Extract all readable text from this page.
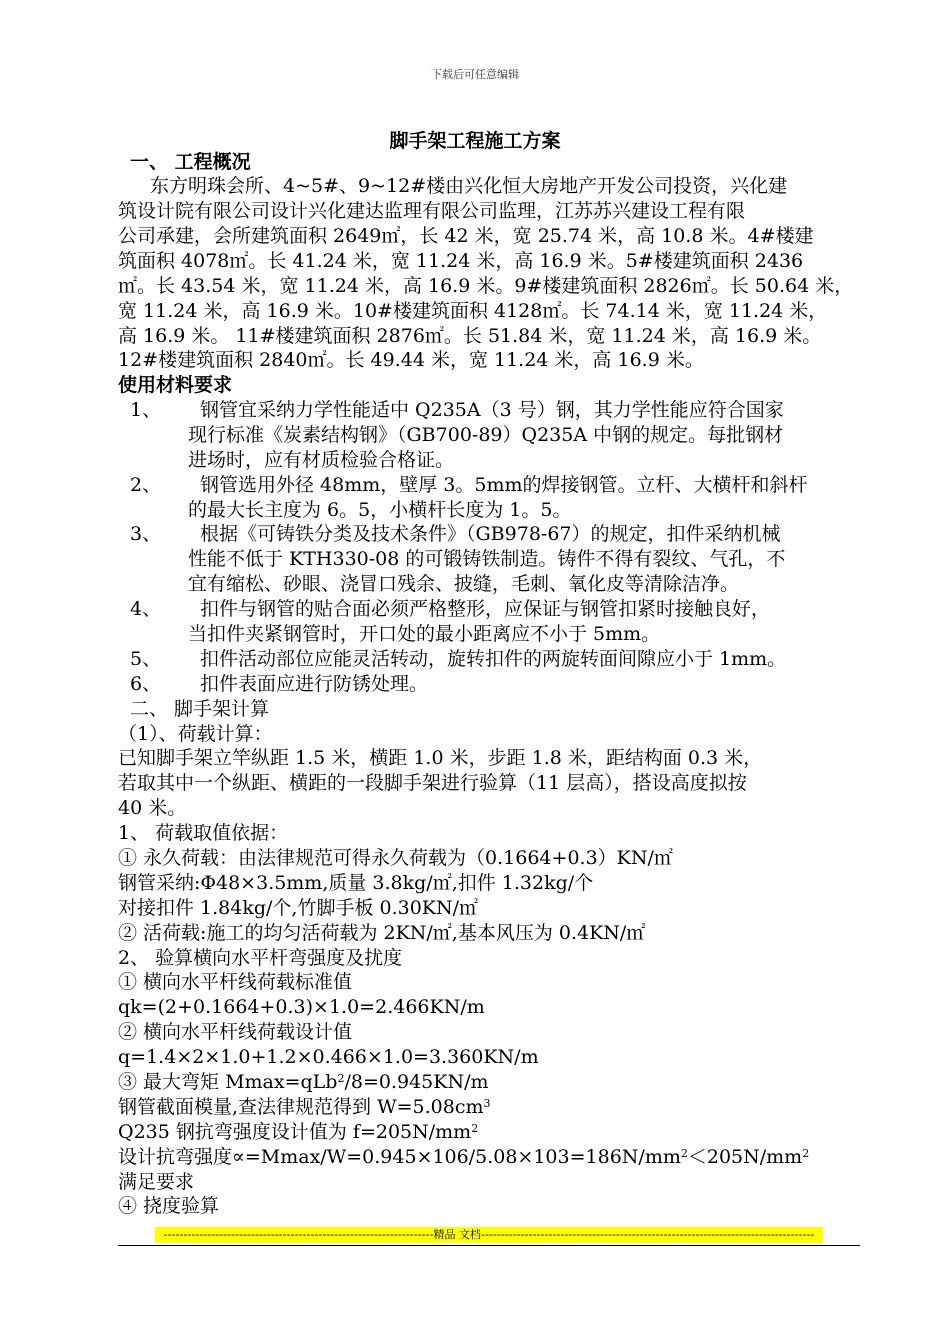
下载后可任意编辑
脚手架工程施工方案
一、 工程概况
东方明珠会所、4~5#、9~12#楼由兴化恒大房地产开发公司投资，兴化建
筑设计院有限公司设计兴化建达监理有限公司监理，江苏苏兴建设工程有限
公司承建，会所建筑面积 2649㎡，长 42 米，宽 25.74 米，高 10.8 米。4#楼建
筑面积 4078㎡。长 41.24 米，宽 11.24 米，高 16.9 米。5#楼建筑面积 2436
㎡。长 43.54 米，宽 11.24 米，高 16.9 米。9#楼建筑面积 2826㎡。长 50.64 米，
宽 11.24 米，高 16.9 米。10#楼建筑面积 4128㎡。长 74.14 米，宽 11.24 米，
高 16.9 米。 11#楼建筑面积 2876㎡。长 51.84 米，宽 11.24 米，高 16.9 米。
12#楼建筑面积 2840㎡。长 49.44 米，宽 11.24 米，高 16.9 米。
使用材料要求
1、 钢管宜采纳力学性能适中 Q235A（3 号）钢，其力学性能应符合国家
现行标准《炭素结构钢》（GB700-89）Q235A 中钢的规定。每批钢材
进场时，应有材质检验合格证。
2、 钢管选用外径 48mm，壁厚 3。5mm的焊接钢管。立杆、大横杆和斜杆
的最大长主度为 6。5，小横杆长度为 1。5。
3、 根据《可铸铁分类及技术条件》（GB978-67）的规定，扣件采纳机械
性能不低于 KTH330-08 的可锻铸铁制造。铸件不得有裂纹、气孔，不
宜有缩松、砂眼、浇冒口残余、披缝，毛刺、氧化皮等清除洁净。
4、 扣件与钢管的贴合面必须严格整形，应保证与钢管扣紧时接触良好，
当扣件夹紧钢管时，开口处的最小距离应不小于 5mm。
5、 扣件活动部位应能灵活转动，旋转扣件的两旋转面间隙应小于 1mm。
6、 扣件表面应进行防锈处理。
二、 脚手架计算
（1）、荷载计算：
已知脚手架立竿纵距 1.5 米，横距 1.0 米，步距 1.8 米，距结构面 0.3 米，
若取其中一个纵距、横距的一段脚手架进行验算（11 层高），搭设高度拟按
40 米。
1、 荷载取值依据：
① 永久荷载：由法律规范可得永久荷载为（0.1664+0.3）KN/㎡
钢管采纳:Φ48×3.5mm,质量 3.8kg/㎡,扣件 1.32kg/个
对接扣件 1.84kg/个,竹脚手板 0.30KN/㎡
② 活荷载:施工的均匀活荷载为 2KN/㎡,基本风压为 0.4KN/㎡
2、 验算横向水平杆弯强度及扰度
① 横向水平杆线荷载标准值
qk=(2+0.1664+0.3)×1.0=2.466KN/m
② 横向水平杆线荷载设计值
q=1.4×2×1.0+1.2×0.466×1.0=3.360KN/m
③ 最大弯矩 Mmax=qLb$^2$/8=0.945KN/m
钢管截面模量,查法律规范得到 $W=5.08cm^3$
Q235 钢抗弯强度设计值为 $f=205N/mm^2$
设计抗弯强度$\propto=Mmax/W=0.945\times 106/5.08\times 103=186N/mm^2<205N/mm^2$
满足要求
④ 挠度验算
--------------------------------------------------------------------精品 文档------------------------------------------------------------------------------------
